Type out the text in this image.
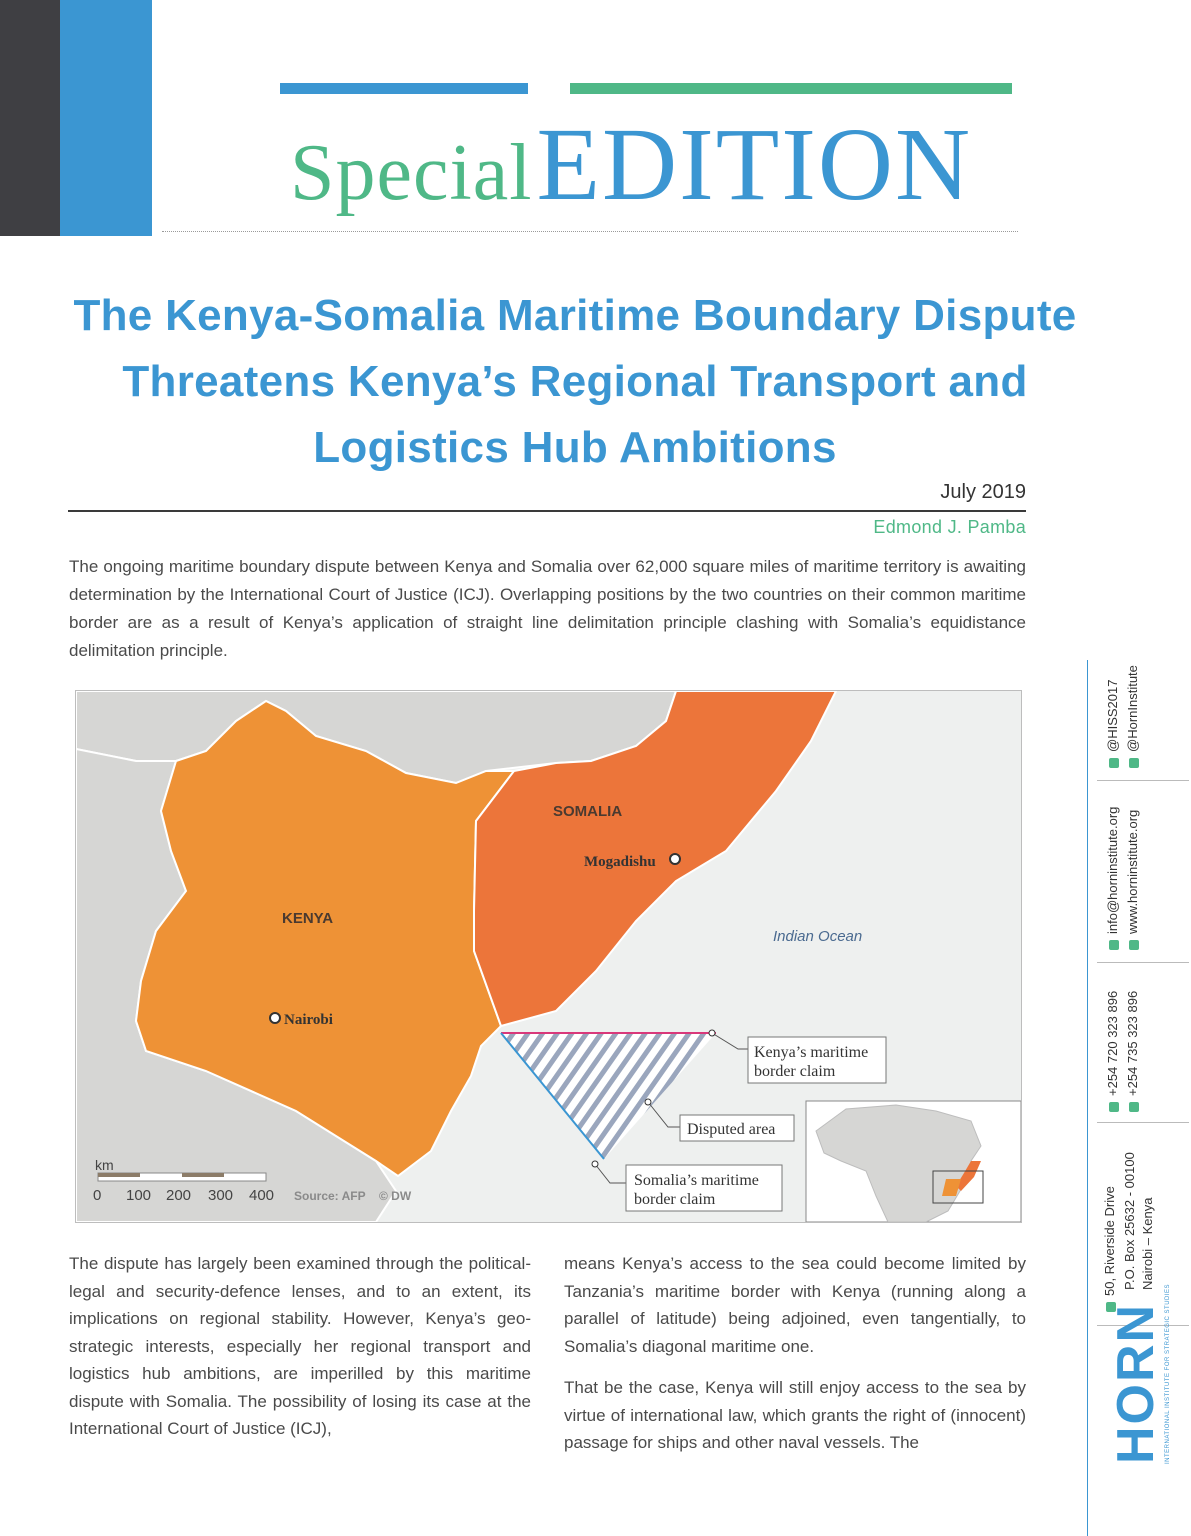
Special EDITION
The Kenya-Somalia Maritime Boundary Dispute Threatens Kenya’s Regional Transport and Logistics Hub Ambitions
July 2019
Edmond J. Pamba
The ongoing maritime boundary dispute between Kenya and Somalia over 62,000 square miles of maritime territory is awaiting determination by the International Court of Justice (ICJ). Overlapping positions by the two countries on their common maritime border are as a result of Kenya’s application of straight line delimitation principle clashing with Somalia’s equidistance delimitation principle.
Kenya’s maritime
border claim
Disputed area
Somalia’s maritime
border claim
SOMALIA
Mogadishu
KENYA
Nairobi
Indian Ocean
km
0 100 200 300 400 Source: AFP © DW

The dispute has largely been examined through the political-legal and security-defence lenses, and to an extent, its implications on regional stability. However, Kenya’s geo-strategic interests, especially her regional transport and logistics hub ambitions, are imperilled by this maritime dispute with Somalia. The possibility of losing its case at the International Court of Justice (ICJ),

means Kenya’s access to the sea could become limited by Tanzania’s maritime border with Kenya (running along a parallel of latitude) being adjoined, even tangentially, to Somalia’s diagonal maritime one.

That be the case, Kenya will still enjoy access to the sea by virtue of international law, which grants the right of (innocent) passage for ships and other naval vessels. The

@HISS2017 @HornInstitute
info@horninstitute.org www.horninstitute.org
+254 720 323 896 +254 735 323 896
50, Riverside Drive P.O. Box 25632 - 00100 Nairobi – Kenya
HORN INTERNATIONAL INSTITUTE FOR STRATEGIC STUDIES
